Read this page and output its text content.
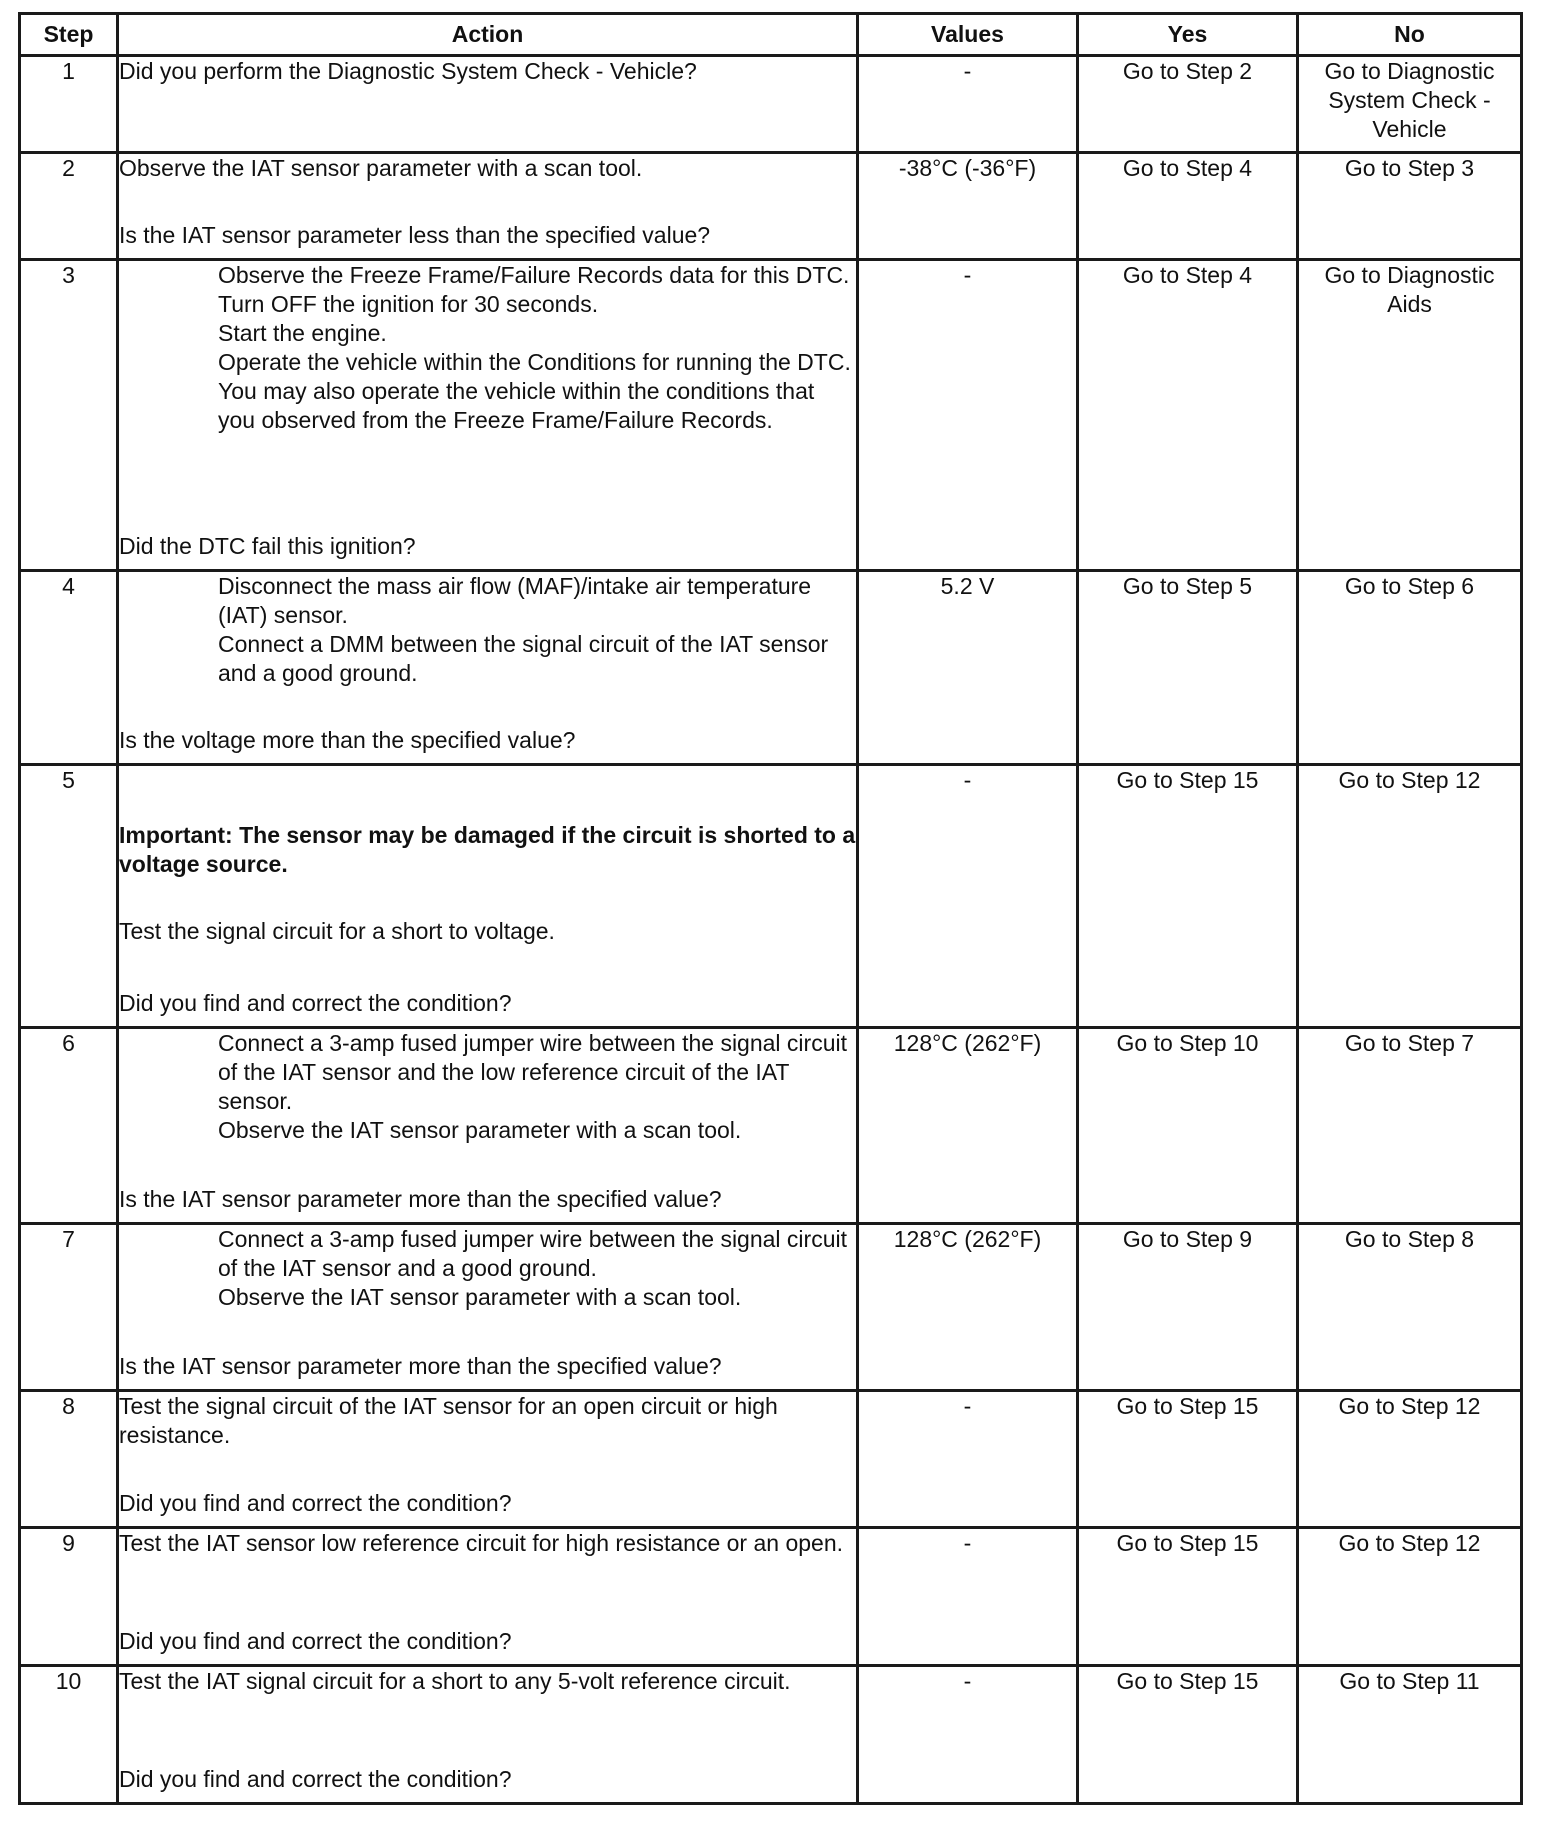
Step	Action	Values	Yes	No
1	Did you perform the Diagnostic System Check - Vehicle?	-	Go to Step 2	Go to Diagnostic System Check - Vehicle
2	Observe the IAT sensor parameter with a scan tool.
Is the IAT sensor parameter less than the specified value?	-38°C (-36°F)	Go to Step 4	Go to Step 3
3	Observe the Freeze Frame/Failure Records data for this DTC.
Turn OFF the ignition for 30 seconds.
Start the engine.
Operate the vehicle within the Conditions for running the DTC. You may also operate the vehicle within the conditions that you observed from the Freeze Frame/Failure Records.
Did the DTC fail this ignition?	-	Go to Step 4	Go to Diagnostic Aids
4	Disconnect the mass air flow (MAF)/intake air temperature (IAT) sensor.
Connect a DMM between the signal circuit of the IAT sensor and a good ground.
Is the voltage more than the specified value?	5.2 V	Go to Step 5	Go to Step 6
5	Important: The sensor may be damaged if the circuit is shorted to a voltage source.
Test the signal circuit for a short to voltage.
Did you find and correct the condition?	-	Go to Step 15	Go to Step 12
6	Connect a 3-amp fused jumper wire between the signal circuit of the IAT sensor and the low reference circuit of the IAT sensor.
Observe the IAT sensor parameter with a scan tool.
Is the IAT sensor parameter more than the specified value?	128°C (262°F)	Go to Step 10	Go to Step 7
7	Connect a 3-amp fused jumper wire between the signal circuit of the IAT sensor and a good ground.
Observe the IAT sensor parameter with a scan tool.
Is the IAT sensor parameter more than the specified value?	128°C (262°F)	Go to Step 9	Go to Step 8
8	Test the signal circuit of the IAT sensor for an open circuit or high resistance.
Did you find and correct the condition?	-	Go to Step 15	Go to Step 12
9	Test the IAT sensor low reference circuit for high resistance or an open.
Did you find and correct the condition?	-	Go to Step 15	Go to Step 12
10	Test the IAT signal circuit for a short to any 5-volt reference circuit.
Did you find and correct the condition?	-	Go to Step 15	Go to Step 11
